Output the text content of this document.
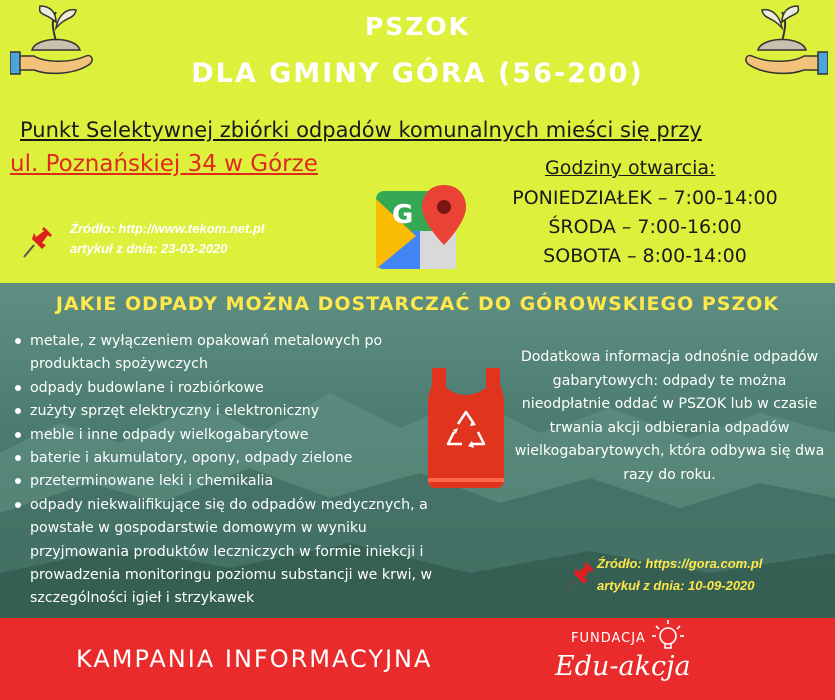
PSZOK
DLA GMINY GÓRA (56-200)
Punkt Selektywnej zbiórki odpadów komunalnych mieści się przy
ul. Poznańskiej 34 w Górze	Godziny otwarcia:
PONIEDZIAŁEK – 7:00-14:00
ŚRODA – 7:00-16:00
SOBOTA – 8:00-14:00
G
Źródło: http://www.tekom.net.pl
artykuł z dnia: 23-03-2020
JAKIE ODPADY MOŻNA DOSTARCZAĆ DO GÓROWSKIEGO PSZOK
metale, z wyłączeniem opakowań metalowych po produktach spożywczych
odpady budowlane i rozbiórkowe
zużyty sprzęt elektryczny i elektroniczny
meble i inne odpady wielkogabarytowe
baterie i akumulatory, opony, odpady zielone
przeterminowane leki i chemikalia
odpady niekwalifikujące się do odpadów medycznych, a powstałe w gospodarstwie domowym w wyniku przyjmowania produktów leczniczych w formie iniekcji i prowadzenia monitoringu poziomu substancji we krwi, w szczególności igieł i strzykawek
Dodatkowa informacja odnośnie odpadów gabarytowych: odpady te można nieodpłatnie oddać w PSZOK lub w czasie trwania akcji odbierania odpadów wielkogabarytowych, która odbywa się dwa razy do roku.
Źródło: https://gora.com.pl
artykuł z dnia: 10-09-2020
KAMPANIA INFORMACYJNA
FUNDACJA
Edu-akcja
